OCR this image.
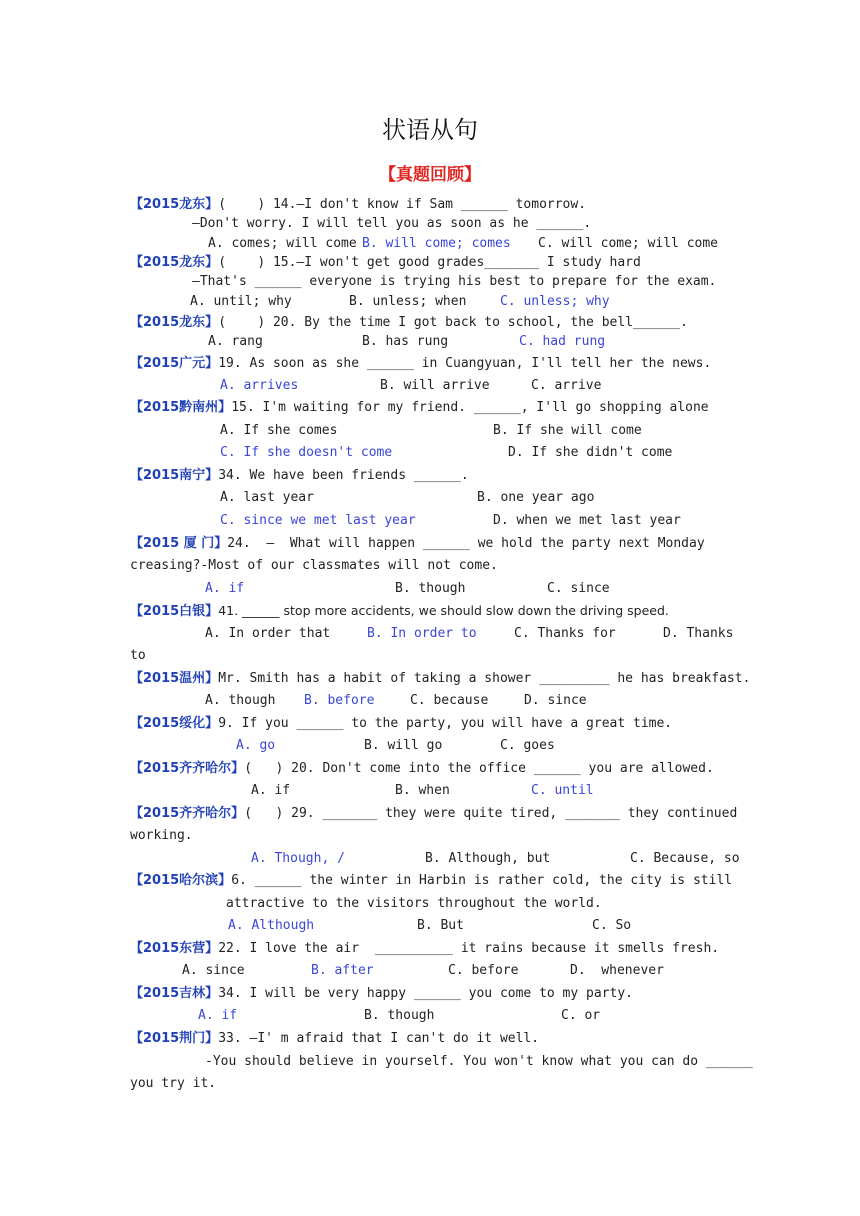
状语从句
【真题回顾】
【2015龙东】(    ) 14.—I don't know if Sam ______ tomorrow.
—Don't worry. I will tell you as soon as he ______.
A. comes; will come B. will come; comes C. will come; will come
【2015龙东】(    ) 15.—I won't get good grades_______ I study hard
—That's ______ everyone is trying his best to prepare for the exam.
A. until; why	B. unless; when	C. unless; why
【2015龙东】(    ) 20. By the time I got back to school, the bell______.
A. rang	B. has rung	C. had rung
【2015广元】19. As soon as she ______ in Cuangyuan, I'll tell her the news.
A. arrives	B. will arrive	C. arrive
【2015黔南州】15. I'm waiting for my friend. ______, I'll go shopping alone
A. If she comes	B. If she will come
C. If she doesn't come	D. If she didn't come
【2015南宁】34. We have been friends ______.
A. last year	B. one year ago
C. since we met last year	D. when we met last year
【2015 厦 门】24.  –  What will happen ______ we hold the party next Monday
creasing?-Most of our classmates will not come.
A. if	B. though	C. since
【2015白银】41. ______ stop more accidents, we should slow down the driving speed.
A. In order that	B. In order to	C. Thanks for	D. Thanks
to
【2015温州】Mr. Smith has a habit of taking a shower _________ he has breakfast.
A. though B. before	C. because	D. since
【2015绥化】9. If you ______ to the party, you will have a great time.
A. go	B. will go	C. goes
【2015齐齐哈尔】(   ) 20. Don't come into the office ______ you are allowed.
A. if	B. when	C. until
【2015齐齐哈尔】(   ) 29. _______ they were quite tired, _______ they continued
working.
A. Though, /	B. Although, but	C. Because, so
【2015哈尔滨】6. ______ the winter in Harbin is rather cold, the city is still
attractive to the visitors throughout the world.
A. Although	B. But	C. So
【2015东营】22. I love the air  __________ it rains because it smells fresh.
A. since	B. after	C. before	D.  whenever
【2015吉林】34. I will be very happy ______ you come to my party.
A. if	B. though	C. or
【2015荆门】33. –I' m afraid that I can't do it well.
-You should believe in yourself. You won't know what you can do ______
you try it.
